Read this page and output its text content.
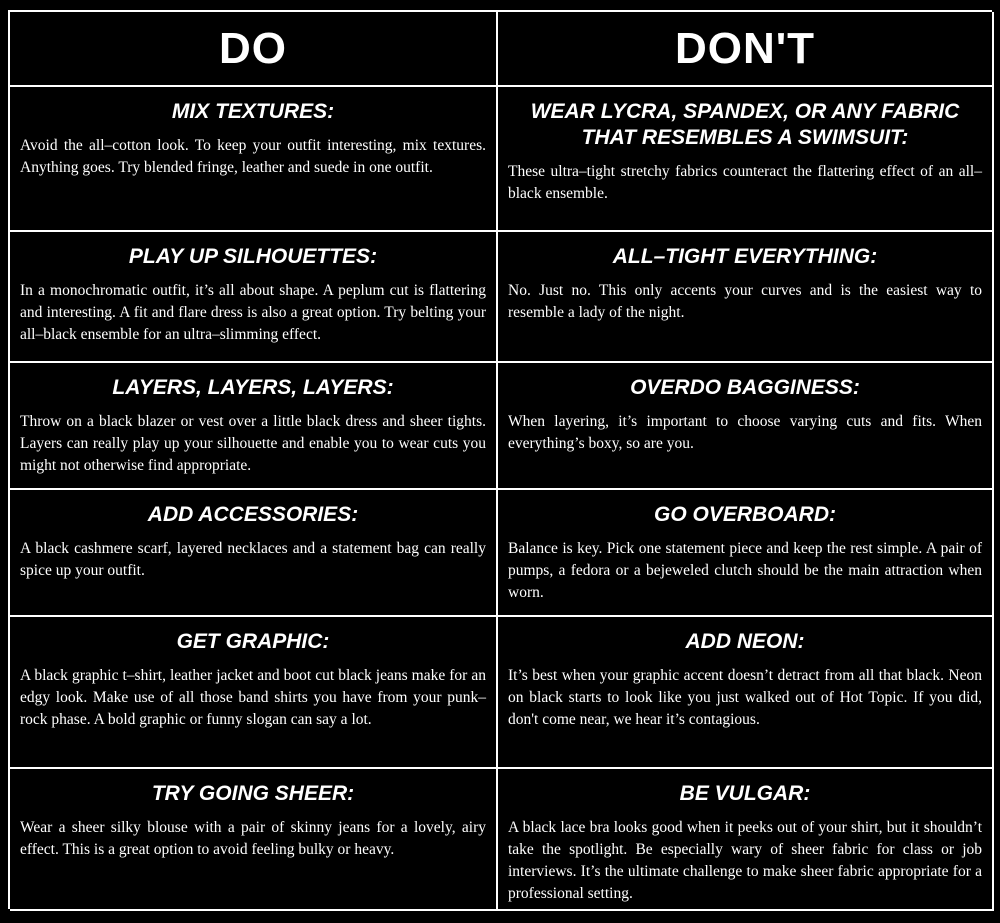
DO	DON'T
MIX TEXTURES:

Avoid the all–cotton look. To keep your outfit interesting, mix textures. Anything goes. Try blended fringe, leather and suede in one outfit.

WEAR LYCRA, SPANDEX, OR ANY FABRIC THAT RESEMBLES A SWIMSUIT:

These ultra–tight stretchy fabrics counteract the flattering effect of an all–black ensemble.

PLAY UP SILHOUETTES:

In a monochromatic outfit, it’s all about shape. A peplum cut is flattering and interesting. A fit and flare dress is also a great option. Try belting your all–black ensemble for an ultra–slimming effect.

ALL–TIGHT EVERYTHING:

No. Just no. This only accents your curves and is the easiest way to resemble a lady of the night.

LAYERS, LAYERS, LAYERS:

Throw on a black blazer or vest over a little black dress and sheer tights. Layers can really play up your silhouette and enable you to wear cuts you might not otherwise find appropriate.

OVERDO BAGGINESS:

When layering, it’s important to choose varying cuts and fits. When everything’s boxy, so are you.

ADD ACCESSORIES:

A black cashmere scarf, layered necklaces and a statement bag can really spice up your outfit.

GO OVERBOARD:

Balance is key. Pick one statement piece and keep the rest simple. A pair of pumps, a fedora or a bejeweled clutch should be the main attraction when worn.

GET GRAPHIC:

A black graphic t–shirt, leather jacket and boot cut black jeans make for an edgy look. Make use of all those band shirts you have from your punk–rock phase. A bold graphic or funny slogan can say a lot.

ADD NEON:

It’s best when your graphic accent doesn’t detract from all that black. Neon on black starts to look like you just walked out of Hot Topic. If you did, don't come near, we hear it’s contagious.

TRY GOING SHEER:

Wear a sheer silky blouse with a pair of skinny jeans for a lovely, airy effect. This is a great option to avoid feeling bulky or heavy.

BE VULGAR:

A black lace bra looks good when it peeks out of your shirt, but it shouldn’t take the spotlight. Be especially wary of sheer fabric for class or job interviews. It’s the ultimate challenge to make sheer fabric appropriate for a professional setting.
